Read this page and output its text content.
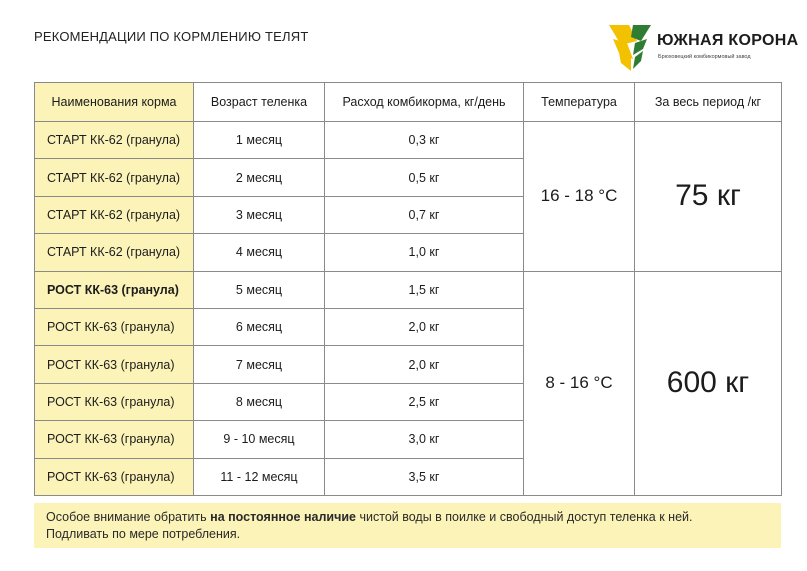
РЕКОМЕНДАЦИИ ПО КОРМЛЕНИЮ ТЕЛЯТ	ЮЖНАЯ КОРОНА
Брюховецкий комбикормовый завод
Наименования корма	Возраст теленка	Расход комбикорма, кг/день	Температура	За весь период /кг
СТАРТ КК-62 (гранула)	1 месяц	0,3 кг	16 - 18 °С	75 кг
СТАРТ КК-62 (гранула)	2 месяц	0,5 кг		
СТАРТ КК-62 (гранула)	3 месяц	0,7 кг		
СТАРТ КК-62 (гранула)	4 месяц	1,0 кг		
РОСТ КК-63 (гранула)	5 месяц	1,5 кг	8 - 16 °С	600 кг
РОСТ КК-63 (гранула)	6 месяц	2,0 кг		
РОСТ КК-63 (гранула)	7 месяц	2,0 кг		
РОСТ КК-63 (гранула)	8 месяц	2,5 кг		
РОСТ КК-63 (гранула)	9 - 10 месяц	3,0 кг		
РОСТ КК-63 (гранула)	11 - 12 месяц	3,5 кг		
Особое внимание обратить на постоянное наличие чистой воды в поилке и свободный доступ теленка к ней.
Подливать по мере потребления.
